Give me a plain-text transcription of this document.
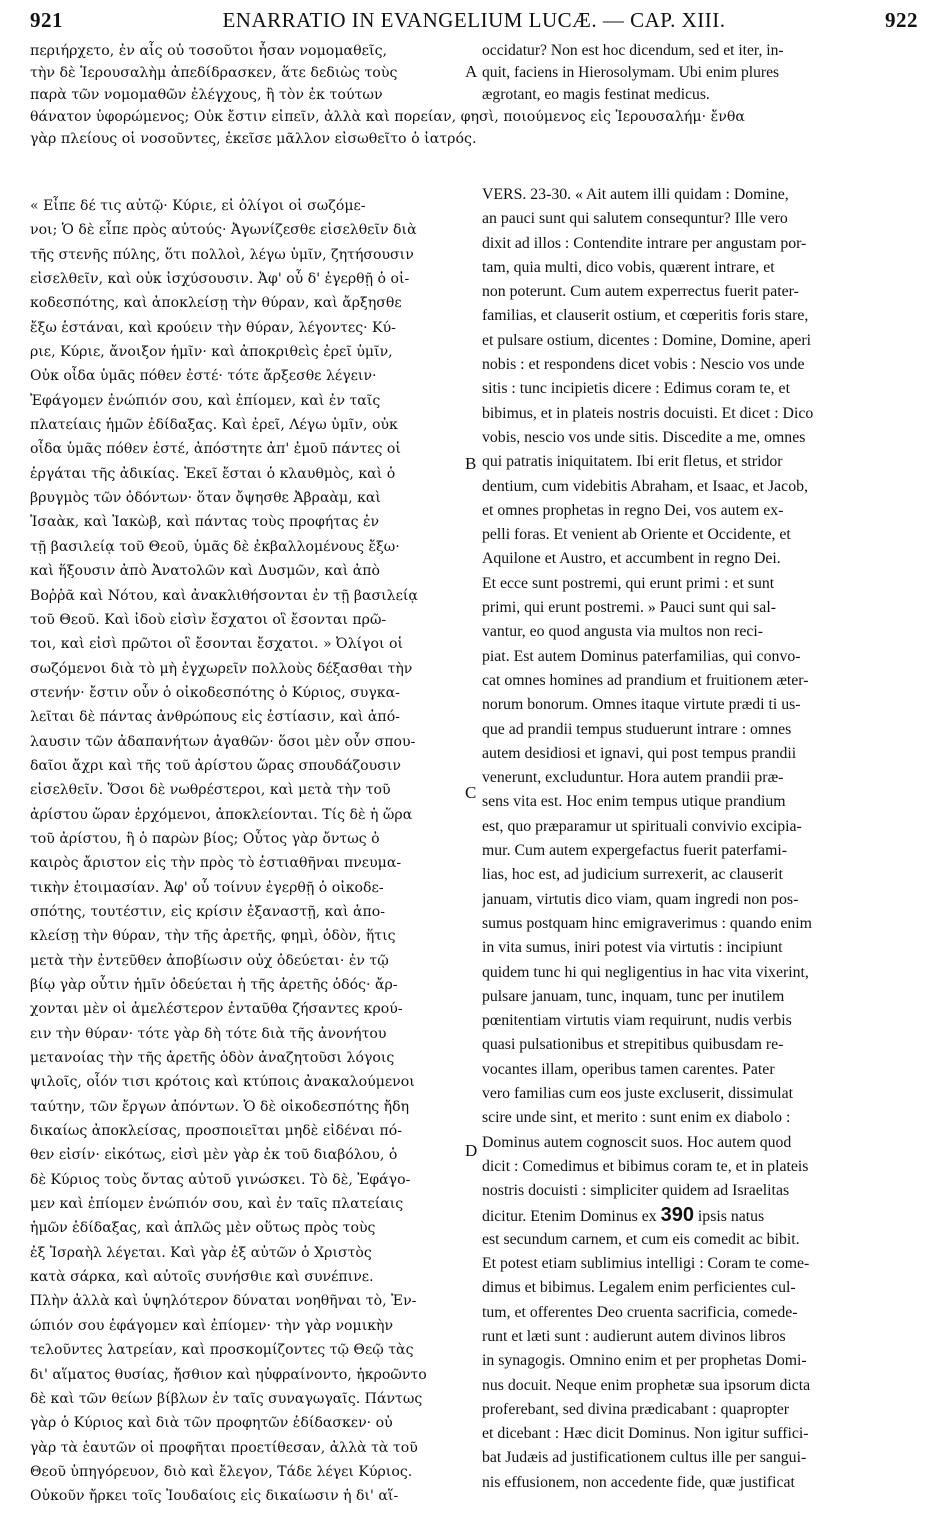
921	ENARRATIO IN EVANGELIUM LUCÆ. — CAP. XIII.	922
περιήρχετο, ἐν αἷς οὐ τοσοῦτοι ἦσαν νομομαθεῖς,
τὴν δὲ Ἱερουσαλὴμ ἀπεδίδρασκεν, ἅτε δεδιὼς τοὺς
παρὰ τῶν νομομαθῶν ἐλέγχους, ἢ τὸν ἐκ τούτων
θάνατον ὑφορώμενος; Οὐκ ἔστιν εἰπεῖν, ἀλλὰ καὶ πορείαν, φησὶ, ποιούμενος εἰς Ἱερουσαλήμ· ἔνθα
γὰρ πλείους οἱ νοσοῦντες, ἐκεῖσε μᾶλλον εἰσωθεῖτο ὁ ἰατρός.
occidatur? Non est hoc dicendum, sed et iter, in-
quit, faciens in Hierosolymam. Ubi enim plures
ægrotant, eo magis festinat medicus.
« Εἶπε δέ τις αὐτῷ· Κύριε, εἰ ὀλίγοι οἱ σωζόμε-
νοι; Ὁ δὲ εἶπε πρὸς αὐτούς· Ἀγωνίζεσθε εἰσελθεῖν διὰ
τῆς στενῆς πύλης, ὅτι πολλοὶ, λέγω ὑμῖν, ζητήσουσιν
εἰσελθεῖν, καὶ οὐκ ἰσχύσουσιν. Ἀφ' οὗ δ' ἐγερθῇ ὁ οἰ-
κοδεσπότης, καὶ ἀποκλείσῃ τὴν θύραν, καὶ ἄρξησθε
ἔξω ἑστάναι, καὶ κρούειν τὴν θύραν, λέγοντες· Κύ-
ριε, Κύριε, ἄνοιξον ἡμῖν· καὶ ἀποκριθεὶς ἐρεῖ ὑμῖν,
Οὐκ οἶδα ὑμᾶς πόθεν ἐστέ· τότε ἄρξεσθε λέγειν·
Ἐφάγομεν ἐνώπιόν σου, καὶ ἐπίομεν, καὶ ἐν ταῖς
πλατείαις ἡμῶν ἐδίδαξας. Καὶ ἐρεῖ, Λέγω ὑμῖν, οὐκ
οἶδα ὑμᾶς πόθεν ἐστέ, ἀπόστητε ἀπ' ἐμοῦ πάντες οἱ
ἐργάται τῆς ἀδικίας. Ἐκεῖ ἔσται ὁ κλαυθμὸς, καὶ ὁ
βρυγμὸς τῶν ὀδόντων· ὅταν ὄψησθε Ἀβραὰμ, καὶ
Ἰσαὰκ, καὶ Ἰακὼβ, καὶ πάντας τοὺς προφήτας ἐν
τῇ βασιλείᾳ τοῦ Θεοῦ, ὑμᾶς δὲ ἐκβαλλομένους ἔξω·
καὶ ἥξουσιν ἀπὸ Ἀνατολῶν καὶ Δυσμῶν, καὶ ἀπὸ
Βοῤῥᾶ καὶ Νότου, καὶ ἀνακλιθήσονται ἐν τῇ βασιλείᾳ
τοῦ Θεοῦ. Καὶ ἰδοὺ εἰσὶν ἔσχατοι οἳ ἔσονται πρῶ-
τοι, καὶ εἰσὶ πρῶτοι οἳ ἔσονται ἔσχατοι. » Ὀλίγοι οἱ
σωζόμενοι διὰ τὸ μὴ ἐγχωρεῖν πολλοὺς δέξασθαι τὴν
στενήν· ἔστιν οὖν ὁ οἰκοδεσπότης ὁ Κύριος, συγκα-
λεῖται δὲ πάντας ἀνθρώπους εἰς ἑστίασιν, καὶ ἀπό-
λαυσιν τῶν ἀδαπανήτων ἀγαθῶν· ὅσοι μὲν οὖν σπου-
δαῖοι ἄχρι καὶ τῆς τοῦ ἀρίστου ὥρας σπουδάζουσιν
εἰσελθεῖν. Ὅσοι δὲ νωθρέστεροι, καὶ μετὰ τὴν τοῦ
ἀρίστου ὥραν ἐρχόμενοι, ἀποκλείονται. Τίς δὲ ἡ ὥρα
τοῦ ἀρίστου, ἢ ὁ παρὼν βίος; Οὗτος γὰρ ὄντως ὁ
καιρὸς ἄριστον εἰς τὴν πρὸς τὸ ἑστιαθῆναι πνευμα-
τικὴν ἑτοιμασίαν. Ἀφ' οὗ τοίνυν ἐγερθῇ ὁ οἰκοδε-
σπότης, τουτέστιν, εἰς κρίσιν ἐξαναστῇ, καὶ ἀπο-
κλείσῃ τὴν θύραν, τὴν τῆς ἀρετῆς, φημὶ, ὁδὸν, ἥτις
μετὰ τὴν ἐντεῦθεν ἀποβίωσιν οὐχ ὁδεύεται· ἐν τῷ
βίῳ γὰρ οὗτιν ἡμῖν ὁδεύεται ἡ τῆς ἀρετῆς ὁδός· ἄρ-
χονται μὲν οἱ ἀμελέστερον ἐνταῦθα ζήσαντες κρού-
ειν τὴν θύραν· τότε γὰρ δὴ τότε διὰ τῆς ἀνονήτου
μετανοίας τὴν τῆς ἀρετῆς ὁδὸν ἀναζητοῦσι λόγοις
ψιλοῖς, οἷόν τισι κρότοις καὶ κτύποις ἀνακαλούμενοι
ταύτην, τῶν ἔργων ἀπόντων. Ὁ δὲ οἰκοδεσπότης ἤδη
δικαίως ἀποκλείσας, προσποιεῖται μηδὲ εἰδέναι πό-
θεν εἰσίν· εἰκότως, εἰσὶ μὲν γὰρ ἐκ τοῦ διαβόλου, ὁ
δὲ Κύριος τοὺς ὄντας αὐτοῦ γινώσκει. Τὸ δὲ, Ἐφάγο-
μεν καὶ ἐπίομεν ἐνώπιόν σου, καὶ ἐν ταῖς πλατείαις
ἡμῶν ἐδίδαξας, καὶ ἁπλῶς μὲν οὕτως πρὸς τοὺς
ἐξ Ἰσραὴλ λέγεται. Καὶ γὰρ ἐξ αὐτῶν ὁ Χριστὸς
κατὰ σάρκα, καὶ αὐτοῖς συνήσθιε καὶ συνέπινε.
Πλὴν ἀλλὰ καὶ ὑψηλότερον δύναται νοηθῆναι τὸ, Ἐν-
ώπιόν σου ἐφάγομεν καὶ ἐπίομεν· τὴν γὰρ νομικὴν
τελοῦντες λατρείαν, καὶ προσκομίζοντες τῷ Θεῷ τὰς
δι' αἵματος θυσίας, ἤσθιον καὶ ηὐφραίνοντο, ἠκροῶντο
δὲ καὶ τῶν θείων βίβλων ἐν ταῖς συναγωγαῖς. Πάντως
γὰρ ὁ Κύριος καὶ διὰ τῶν προφητῶν ἐδίδασκεν· οὐ
γὰρ τὰ ἑαυτῶν οἱ προφῆται προετίθεσαν, ἀλλὰ τὰ τοῦ
Θεοῦ ὑπηγόρευον, διὸ καὶ ἔλεγον, Τάδε λέγει Κύριος.
Οὐκοῦν ἤρκει τοῖς Ἰουδαίοις εἰς δικαίωσιν ἡ δι' αἵ-
VERS. 23-30. « Ait autem illi quidam : Domine,
an pauci sunt qui salutem consequntur? Ille vero
dixit ad illos : Contendite intrare per angustam por-
tam, quia multi, dico vobis, quærent intrare, et
non poterunt. Cum autem experrectus fuerit pater-
familias, et clauserit ostium, et cœperitis foris stare,
et pulsare ostium, dicentes : Domine, Domine, aperi
nobis : et respondens dicet vobis : Nescio vos unde
sitis : tunc incipietis dicere : Edimus coram te, et
bibimus, et in plateis nostris docuisti. Et dicet : Dico
vobis, nescio vos unde sitis. Discedite a me, omnes
qui patratis iniquitatem. Ibi erit fletus, et stridor
dentium, cum videbitis Abraham, et Isaac, et Jacob,
et omnes prophetas in regno Dei, vos autem ex-
pelli foras. Et venient ab Oriente et Occidente, et
Aquilone et Austro, et accumbent in regno Dei.
Et ecce sunt postremi, qui erunt primi : et sunt
primi, qui erunt postremi. » Pauci sunt qui sal-
vantur, eo quod angusta via multos non reci-
piat. Est autem Dominus paterfamilias, qui convo-
cat omnes homines ad prandium et fruitionem æter-
norum bonorum. Omnes itaque virtute prædi ti us-
que ad prandii tempus studuerunt intrare : omnes
autem desidiosi et ignavi, qui post tempus prandii
venerunt, excluduntur. Hora autem prandii præ-
sens vita est. Hoc enim tempus utique prandium
est, quo præparamur ut spirituali convivio excipia-
mur. Cum autem expergefactus fuerit paterfami-
lias, hoc est, ad judicium surrexerit, ac clauserit
januam, virtutis dico viam, quam ingredi non pos-
sumus postquam hinc emigraverimus : quando enim
in vita sumus, iniri potest via virtutis : incipiunt
quidem tunc hi qui negligentius in hac vita vixerint,
pulsare januam, tunc, inquam, tunc per inutilem
pœnitentiam virtutis viam requirunt, nudis verbis
quasi pulsationibus et strepitibus quibusdam re-
vocantes illam, operibus tamen carentes. Pater
vero familias cum eos juste excluserit, dissimulat
scire unde sint, et merito : sunt enim ex diabolo :
Dominus autem cognoscit suos. Hoc autem quod
dicit : Comedimus et bibimus coram te, et in plateis
nostris docuisti : simpliciter quidem ad Israelitas
dicitur. Etenim Dominus ex 390 ipsis natus
est secundum carnem, et cum eis comedit ac bibit.
Et potest etiam sublimius intelligi : Coram te come-
dimus et bibimus. Legalem enim perficientes cul-
tum, et offerentes Deo cruenta sacrificia, comede-
runt et læti sunt : audierunt autem divinos libros
in synagogis. Omnino enim et per prophetas Domi-
nus docuit. Neque enim prophetæ sua ipsorum dicta
proferebant, sed divina prædicabant : quapropter
et dicebant : Hæc dicit Dominus. Non igitur suffici-
bat Judæis ad justificationem cultus ille per sangui-
nis effusionem, non accedente fide, quæ justificat
A
B
C
D
